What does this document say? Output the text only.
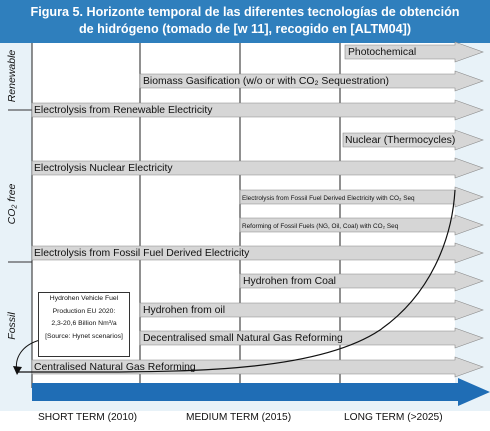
Figura 5. Horizonte temporal de las diferentes tecnologías de obtención
de hidrógeno (tomado de [w 11], recogido en [ALTM04])
Renewable
CO₂ free
Fossil
Photochemical
Biomass Gasification (w/o or with CO₂ Sequestration)
Electrolysis from Renewable Electricity
Nuclear (Thermocycles)
Electrolysis Nuclear Electricity
Electrolysis from Fossil Fuel Derived Electricity with CO₂ Seq
Reforming of Fossil Fuels (NG, Oil, Coal) with CO₂ Seq
Electrolysis from Fossil Fuel Derived Electricity
Hydrohen from Coal
Hydrohen from oil
Decentralised small Natural Gas Reforming
Centralised Natural Gas Reforming
Hydrohen Vehicle Fuel
Production EU 2020:
2,3-20,6 Billion Nm³/a
[Source: Hynet scenarios]
SHORT TERM (2010)	MEDIUM TERM (2015)	LONG TERM (>2025)
